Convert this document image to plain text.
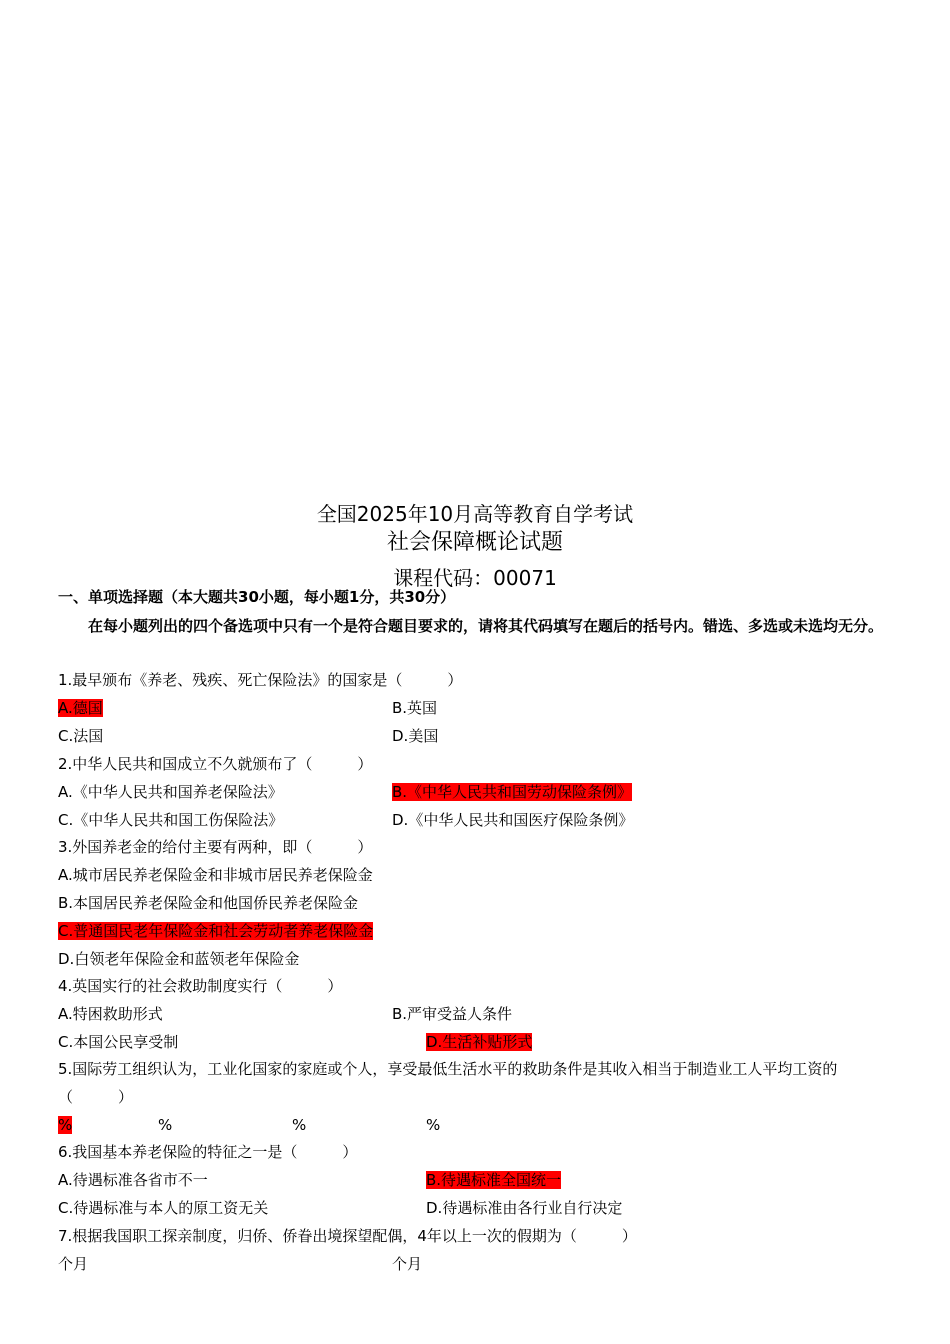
全国2025年10月高等教育自学考试
社会保障概论试题
课程代码：00071
一、单项选择题（本大题共30小题，每小题1分，共30分）
在每小题列出的四个备选项中只有一个是符合题目要求的，请将其代码填写在题后的括号内。错选、多选或未选均无分。
1.最早颁布《养老、残疾、死亡保险法》的国家是（　　　）
A.德国	B.英国
C.法国	D.美国
2.中华人民共和国成立不久就颁布了（　　　）
A.《中华人民共和国养老保险法》	B.《中华人民共和国劳动保险条例》
C.《中华人民共和国工伤保险法》	D.《中华人民共和国医疗保险条例》
3.外国养老金的给付主要有两种，即（　　　）
A.城市居民养老保险金和非城市居民养老保险金
B.本国居民养老保险金和他国侨民养老保险金
C.普通国民老年保险金和社会劳动者养老保险金
D.白领老年保险金和蓝领老年保险金
4.英国实行的社会救助制度实行（　　　）
A.特困救助形式	B.严审受益人条件
C.本国公民享受制	D.生活补贴形式
5.国际劳工组织认为，工业化国家的家庭或个人，享受最低生活水平的救助条件是其收入相当于制造业工人平均工资的（　　　）
%	%	%	%
6.我国基本养老保险的特征之一是（　　　）
A.待遇标准各省市不一	B.待遇标准全国统一
C.待遇标准与本人的原工资无关	D.待遇标准由各行业自行决定
7.根据我国职工探亲制度，归侨、侨眷出境探望配偶，4年以上一次的假期为（　　　）
个月	个月
